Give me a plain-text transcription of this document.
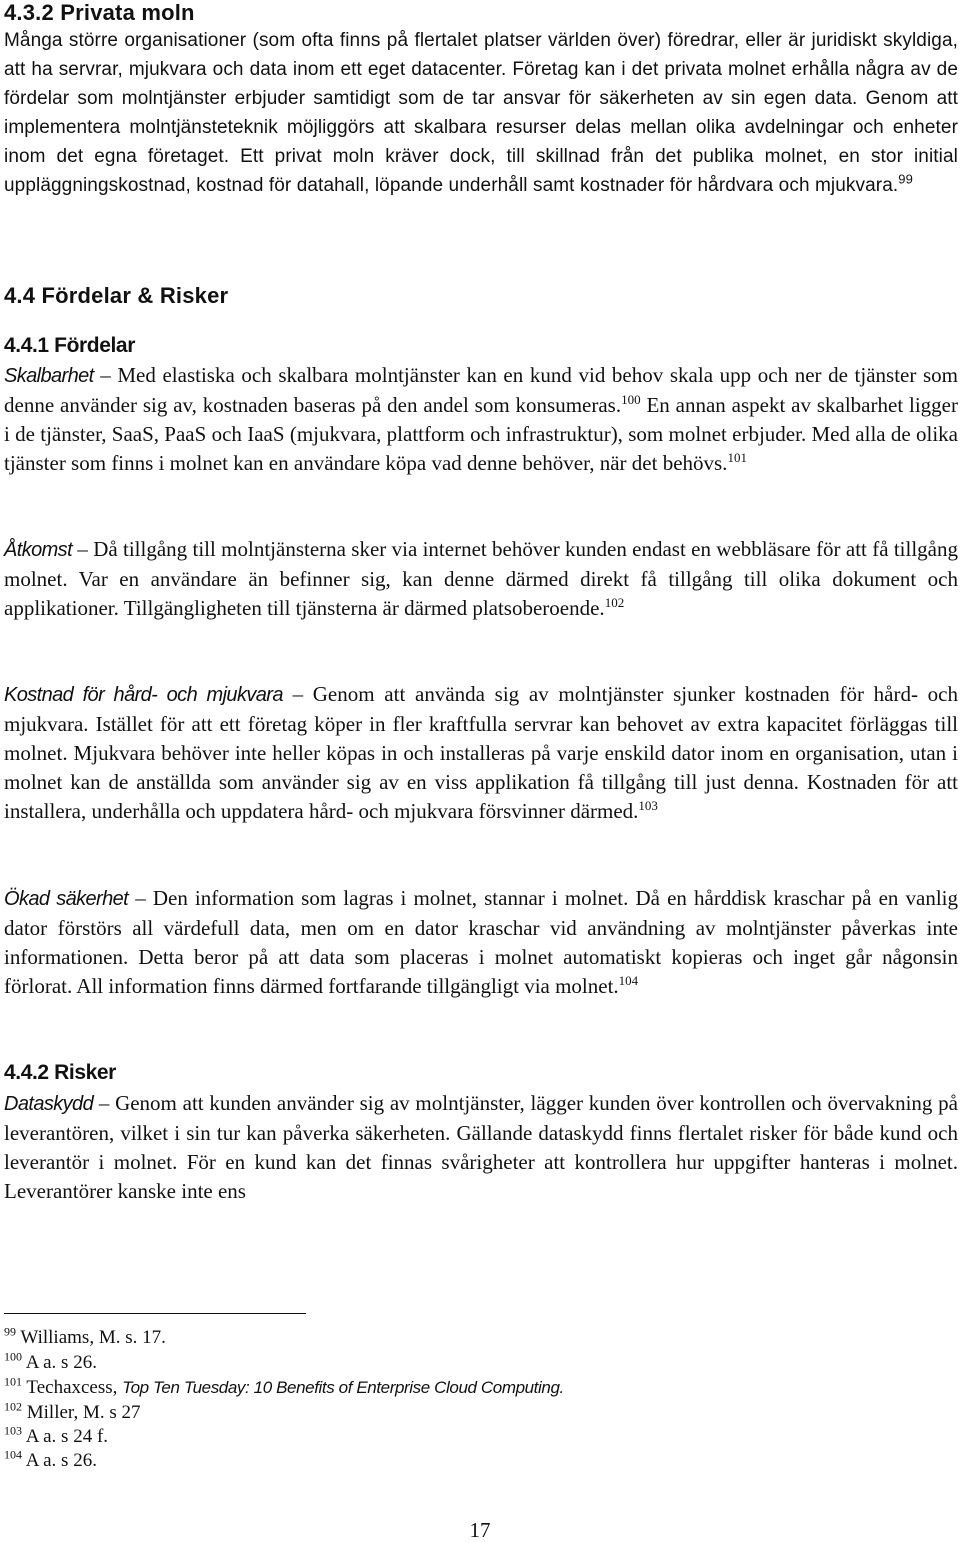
4.3.2 Privata moln
Många större organisationer (som ofta finns på flertalet platser världen över) föredrar, eller är juridiskt skyldiga, att ha servrar, mjukvara och data inom ett eget datacenter. Företag kan i det privata molnet erhålla några av de fördelar som molntjänster erbjuder samtidigt som de tar ansvar för säkerheten av sin egen data. Genom att implementera molntjänsteteknik möjliggörs att skalbara resurser delas mellan olika avdelningar och enheter inom det egna företaget. Ett privat moln kräver dock, till skillnad från det publika molnet, en stor initial uppläggningskostnad, kostnad för datahall, löpande underhåll samt kostnader för hårdvara och mjukvara.$^{99}$
4.4 Fördelar & Risker
4.4.1 Fördelar
Skalbarhet – Med elastiska och skalbara molntjänster kan en kund vid behov skala upp och ner de tjänster som denne använder sig av, kostnaden baseras på den andel som konsumeras.$^{100}$ En annan aspekt av skalbarhet ligger i de tjänster, SaaS, PaaS och IaaS (mjukvara, plattform och infrastruktur), som molnet erbjuder. Med alla de olika tjänster som finns i molnet kan en användare köpa vad denne behöver, när det behövs.$^{101}$
Åtkomst – Då tillgång till molntjänsterna sker via internet behöver kunden endast en webbläsare för att få tillgång molnet. Var en användare än befinner sig, kan denne därmed direkt få tillgång till olika dokument och applikationer. Tillgängligheten till tjänsterna är därmed platsoberoende.$^{102}$
Kostnad för hård- och mjukvara – Genom att använda sig av molntjänster sjunker kostnaden för hård- och mjukvara. Istället för att ett företag köper in fler kraftfulla servrar kan behovet av extra kapacitet förläggas till molnet. Mjukvara behöver inte heller köpas in och installeras på varje enskild dator inom en organisation, utan i molnet kan de anställda som använder sig av en viss applikation få tillgång till just denna. Kostnaden för att installera, underhålla och uppdatera hård- och mjukvara försvinner därmed.$^{103}$
Ökad säkerhet – Den information som lagras i molnet, stannar i molnet. Då en hårddisk kraschar på en vanlig dator förstörs all värdefull data, men om en dator kraschar vid användning av molntjänster påverkas inte informationen. Detta beror på att data som placeras i molnet automatiskt kopieras och inget går någonsin förlorat. All information finns därmed fortfarande tillgängligt via molnet.$^{104}$
4.4.2 Risker
Dataskydd – Genom att kunden använder sig av molntjänster, lägger kunden över kontrollen och övervakning på leverantören, vilket i sin tur kan påverka säkerheten. Gällande dataskydd finns flertalet risker för både kund och leverantör i molnet. För en kund kan det finnas svårigheter att kontrollera hur uppgifter hanteras i molnet. Leverantörer kanske inte ens
$^{99}$ Williams, M. s. 17.
$^{100}$ A a. s 26.
$^{101}$ Techaxcess, Top Ten Tuesday: 10 Benefits of Enterprise Cloud Computing.
$^{102}$ Miller, M. s 27
$^{103}$ A a. s 24 f.
$^{104}$ A a. s 26.
17
